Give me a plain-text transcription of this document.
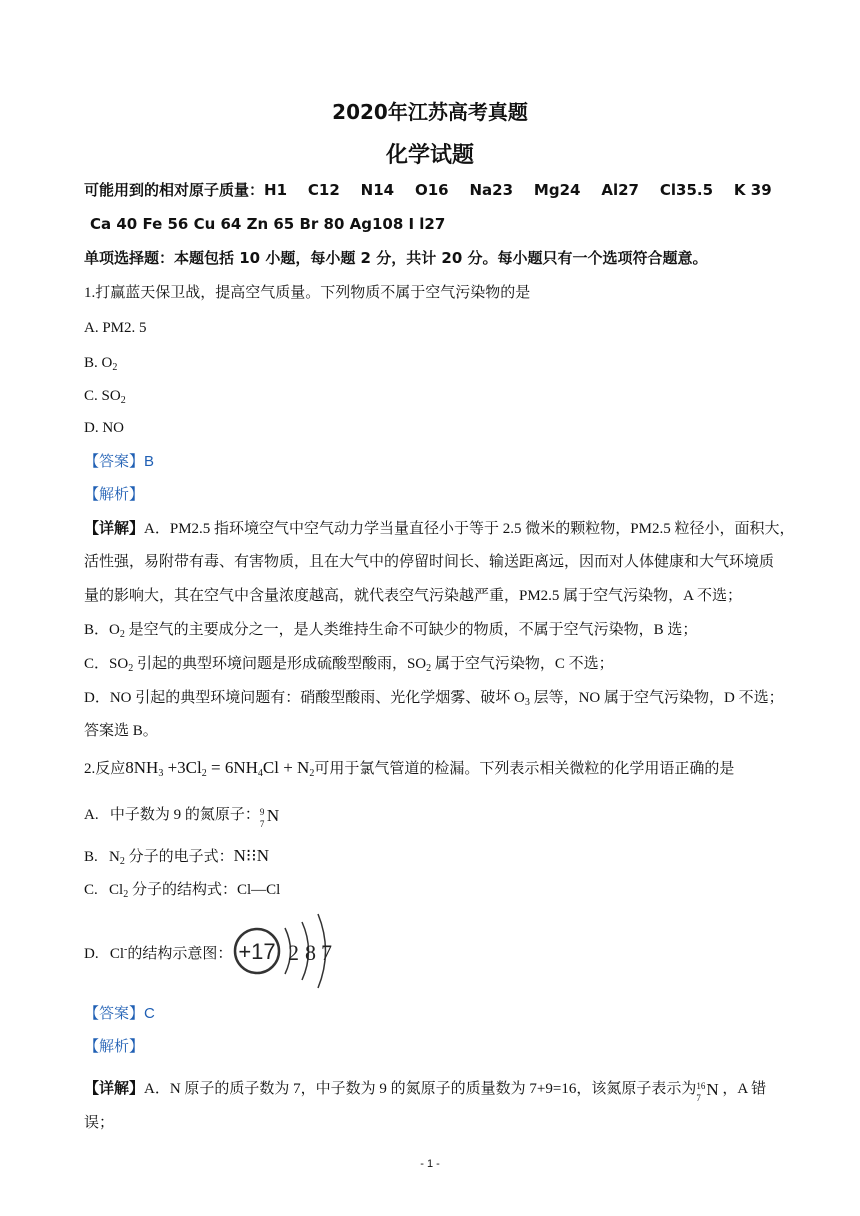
2020年江苏高考真题
化学试题
可能用到的相对原子质量：H1    C12    N14    O16    Na23    Mg24    Al27    Cl35.5    K 39
Ca 40 Fe 56 Cu 64 Zn 65 Br 80 Ag108 I l27
单项选择题：本题包括 10 小题，每小题 2 分，共计 20 分。每小题只有一个选项符合题意。
1.打赢蓝天保卫战，提高空气质量。下列物质不属于空气污染物的是
A. PM2. 5
B. $O_2$
C. $SO_2$
D. NO
【答案】B
【解析】
【详解】A．PM2.5 指环境空气中空气动力学当量直径小于等于 2.5 微米的颗粒物，PM2.5 粒径小，面积大，
活性强，易附带有毒、有害物质，且在大气中的停留时间长、输送距离远，因而对人体健康和大气环境质
量的影响大，其在空气中含量浓度越高，就代表空气污染越严重，PM2.5 属于空气污染物，A 不选；
B．$O_2$ 是空气的主要成分之一，是人类维持生命不可缺少的物质，不属于空气污染物，B 选；
C．$SO_2$ 引起的典型环境问题是形成硫酸型酸雨，$SO_2$ 属于空气污染物，C 不选；
D．NO 引起的典型环境问题有：硝酸型酸雨、光化学烟雾、破坏 $O_3$ 层等，NO 属于空气污染物，D 不选；
答案选 B。
2.反应$8NH_3 +3Cl_2 = 6NH_4Cl + N_2$可用于氯气管道的检漏。下列表示相关微粒的化学用语正确的是
A.   中子数为 9 的氮原子： 9
7 N
B.   $N_2$ 分子的电子式：N⁝⁝N
C.   $Cl_2$ 分子的结构式：Cl—Cl
D.   Cl-的结构示意图： +17 2 8 7
【答案】C
【解析】
【详解】A．N 原子的质子数为 7，中子数为 9 的氮原子的质量数为 7+9=16，该氮原子表示为 16
7 N ，A 错
误；
- 1 -
